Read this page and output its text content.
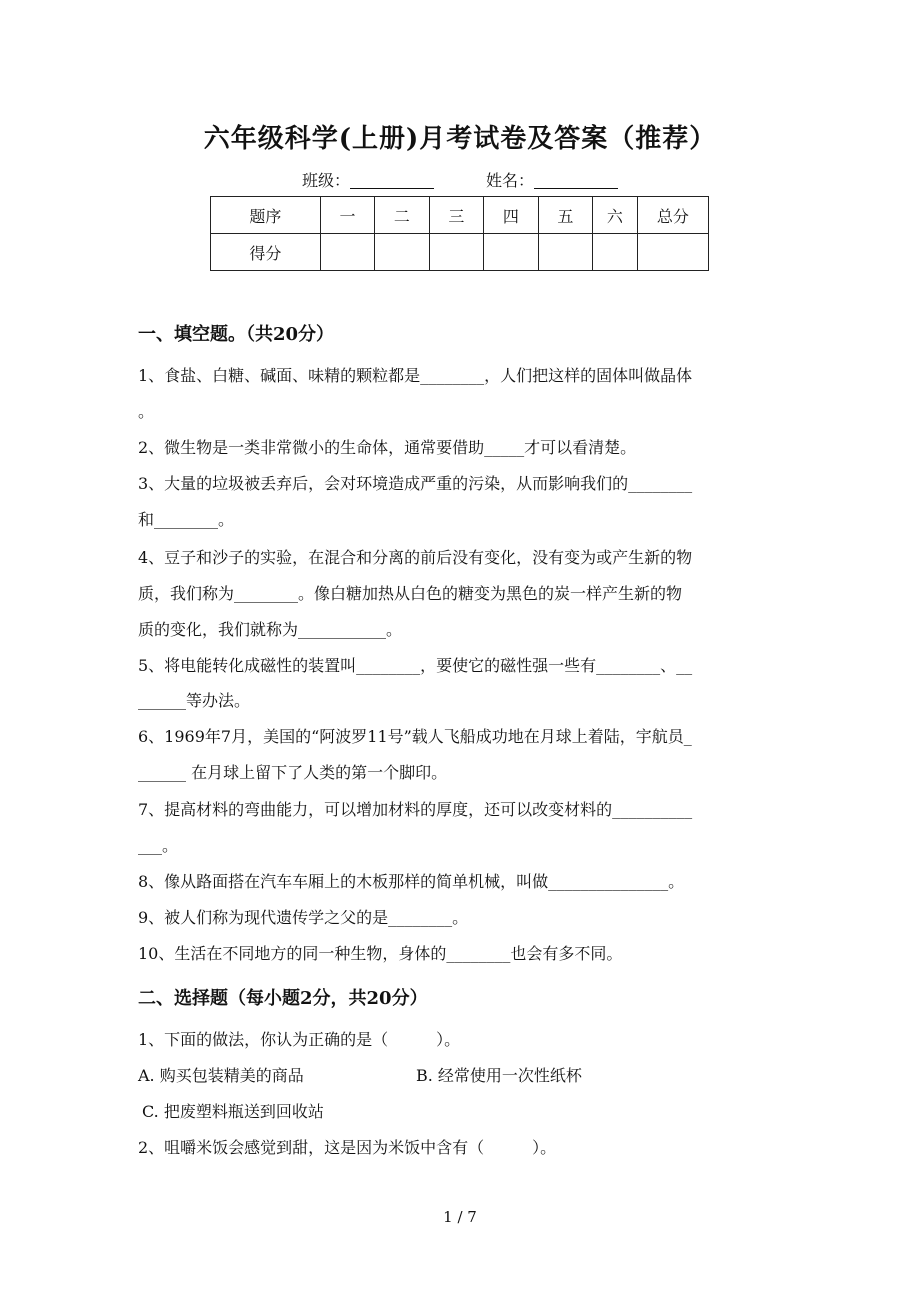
六年级科学(上册)月考试卷及答案（推荐）
班级：	姓名：
题序	一	二	三	四	五	六	总分
得分							
一、填空题。（共20分）
1、食盐、白糖、碱面、味精的颗粒都是________，人们把这样的固体叫做晶体
。
2、微生物是一类非常微小的生命体，通常要借助_____才可以看清楚。
3、大量的垃圾被丢弃后，会对环境造成严重的污染，从而影响我们的________
和________。
4、豆子和沙子的实验，在混合和分离的前后没有变化，没有变为或产生新的物
质，我们称为________。像白糖加热从白色的糖变为黑色的炭一样产生新的物
质的变化，我们就称为___________。
5、将电能转化成磁性的装置叫________，要使它的磁性强一些有________、__
______等办法。
6、1969年7月，美国的“阿波罗11号”载人飞船成功地在月球上着陆，宇航员_
______ 在月球上留下了人类的第一个脚印。
7、提高材料的弯曲能力，可以增加材料的厚度，还可以改变材料的__________
___。
8、像从路面搭在汽车车厢上的木板那样的简单机械，叫做_______________。
9、被人们称为现代遗传学之父的是________。
10、生活在不同地方的同一种生物，身体的________也会有多不同。
二、选择题（每小题2分，共20分）
1、下面的做法，你认为正确的是（　　　）。
A. 购买包装精美的商品	B. 经常使用一次性纸杯
C. 把废塑料瓶送到回收站
2、咀嚼米饭会感觉到甜，这是因为米饭中含有（　　　）。
1 / 7
